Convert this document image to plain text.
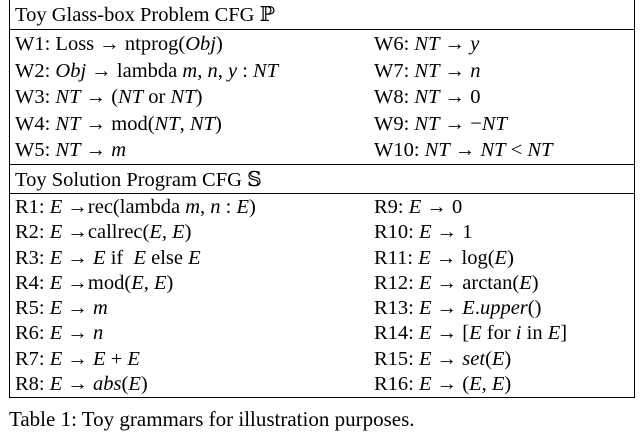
Toy Glass-box Problem CFG ℙ
W1: Loss → ntprog(Obj)	W6: NT → y
W2: Obj → lambda m, n, y : NT	W7: NT → n
W3: NT → (NT or NT)	W8: NT → 0
W4: NT → mod(NT, NT)	W9: NT → −NT
W5: NT → m	W10: NT → NT < NT
Toy Solution Program CFG 𝕊
R1: E →rec(lambda m, n : E)	R9: E → 0
R2: E →callrec(E, E)	R10: E → 1
R3: E → E if  E else E	R11: E → log(E)
R4: E →mod(E, E)	R12: E → arctan(E)
R5: E → m	R13: E → E.upper()
R6: E → n	R14: E → [E for i in E]
R7: E → E + E	R15: E → set(E)
R8: E → abs(E)	R16: E → (E, E)
Table 1: Toy grammars for illustration purposes.
